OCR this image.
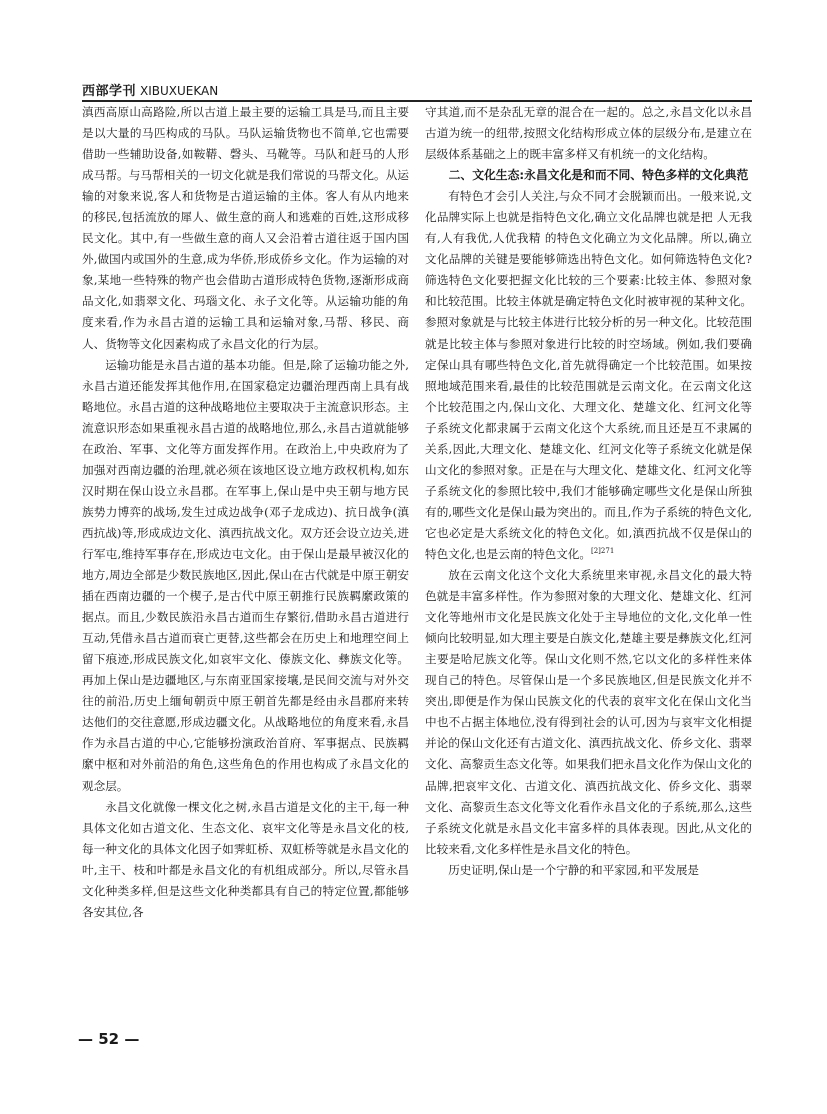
西部学刊 XIBUXUEKAN

滇西高原山高路险,所以古道上最主要的运输工具是马,而且主要是以大量的马匹构成的马队。马队运输货物也不简单,它也需要借助一些辅助设备,如鞍鞯、磬头、马靴等。马队和赶马的人形成马帮。与马帮相关的一切文化就是我们常说的马帮文化。从运输的对象来说,客人和货物是古道运输的主体。客人有从内地来的移民,包括流放的犀人、做生意的商人和逃难的百姓,这形成移民文化。其中,有一些做生意的商人又会沿着古道往返于国内国外,做国内或国外的生意,成为华侨,形成侨乡文化。作为运输的对象,某地一些特殊的物产也会借助古道形成特色货物,逐渐形成商品文化,如翡翠文化、玛瑙文化、永子文化等。从运输功能的角度来看,作为永昌古道的运输工具和运输对象,马帮、移民、商人、货物等文化因素构成了永昌文化的行为层。

运输功能是永昌古道的基本功能。但是,除了运输功能之外,永昌古道还能发挥其他作用,在国家稳定边疆治理西南上具有战略地位。永昌古道的这种战略地位主要取决于主流意识形态。主流意识形态如果重视永昌古道的战略地位,那么,永昌古道就能够在政治、军事、文化等方面发挥作用。在政治上,中央政府为了加强对西南边疆的治理,就必须在该地区设立地方政权机构,如东汉时期在保山设立永昌郡。在军事上,保山是中央王朝与地方民族势力博弈的战场,发生过成边战争(邓子龙成边)、抗日战争(滇西抗战)等,形成成边文化、滇西抗战文化。双方还会设立边关,进行军屯,维持军事存在,形成边屯文化。由于保山是最早被汉化的地方,周边全部是少数民族地区,因此,保山在古代就是中原王朝安插在西南边疆的一个楔子,是古代中原王朝推行民族羁縻政策的据点。而且,少数民族沿永昌古道而生存繁衍,借助永昌古道进行互动,凭借永昌古道而衰亡更替,这些都会在历史上和地理空间上留下痕迹,形成民族文化,如哀牢文化、傣族文化、彝族文化等。再加上保山是边疆地区,与东南亚国家接壤,是民间交流与对外交往的前沿,历史上缅甸朝贡中原王朝首先都是经由永昌郡府来转达他们的交往意愿,形成边疆文化。从战略地位的角度来看,永昌作为永昌古道的中心,它能够扮演政治首府、军事据点、民族羁縻中枢和对外前沿的角色,这些角色的作用也构成了永昌文化的观念层。

永昌文化就像一棵文化之树,永昌古道是文化的主干,每一种具体文化如古道文化、生态文化、哀牢文化等是永昌文化的枝,每一种文化的具体文化因子如霁虹桥、双虹桥等就是永昌文化的叶,主干、枝和叶都是永昌文化的有机组成部分。所以,尽管永昌文化种类多样,但是这些文化种类都具有自己的特定位置,都能够各安其位,各

守其道,而不是杂乱无章的混合在一起的。总之,永昌文化以永昌古道为统一的纽带,按照文化结构形成立体的层级分布,是建立在层级体系基础之上的既丰富多样又有机统一的文化结构。

二、文化生态:永昌文化是和而不同、特色多样的文化典范

有特色才会引人关注,与众不同才会脱颖而出。一般来说,文化品牌实际上也就是指特色文化,确立文化品牌也就是把 人无我有,人有我优,人优我精 的特色文化确立为文化品牌。所以,确立文化品牌的关键是要能够筛选出特色文化。如何筛选特色文化?筛选特色文化要把握文化比较的三个要素:比较主体、参照对象和比较范围。比较主体就是确定特色文化时被审视的某种文化。参照对象就是与比较主体进行比较分析的另一种文化。比较范围就是比较主体与参照对象进行比较的时空场域。例如,我们要确定保山具有哪些特色文化,首先就得确定一个比较范围。如果按照地域范围来看,最佳的比较范围就是云南文化。在云南文化这个比较范围之内,保山文化、大理文化、楚雄文化、红河文化等子系统文化都隶属于云南文化这个大系统,而且还是互不隶属的关系,因此,大理文化、楚雄文化、红河文化等子系统文化就是保山文化的参照对象。正是在与大理文化、楚雄文化、红河文化等子系统文化的参照比较中,我们才能够确定哪些文化是保山所独有的,哪些文化是保山最为突出的。而且,作为子系统的特色文化,它也必定是大系统文化的特色文化。如,滇西抗战不仅是保山的特色文化,也是云南的特色文化。$^{[2]271}$

放在云南文化这个文化大系统里来审视,永昌文化的最大特色就是丰富多样性。作为参照对象的大理文化、楚雄文化、红河文化等地州市文化是民族文化处于主导地位的文化,文化单一性倾向比较明显,如大理主要是白族文化,楚雄主要是彝族文化,红河主要是哈尼族文化等。保山文化则不然,它以文化的多样性来体现自己的特色。尽管保山是一个多民族地区,但是民族文化并不突出,即便是作为保山民族文化的代表的哀牢文化在保山文化当中也不占据主体地位,没有得到社会的认可,因为与哀牢文化相提并论的保山文化还有古道文化、滇西抗战文化、侨乡文化、翡翠文化、高黎贡生态文化等。如果我们把永昌文化作为保山文化的品牌,把哀牢文化、古道文化、滇西抗战文化、侨乡文化、翡翠文化、高黎贡生态文化等文化看作永昌文化的子系统,那么,这些子系统文化就是永昌文化丰富多样的具体表现。因此,从文化的比较来看,文化多样性是永昌文化的特色。

历史证明,保山是一个宁静的和平家园,和平发展是

— 52 —
